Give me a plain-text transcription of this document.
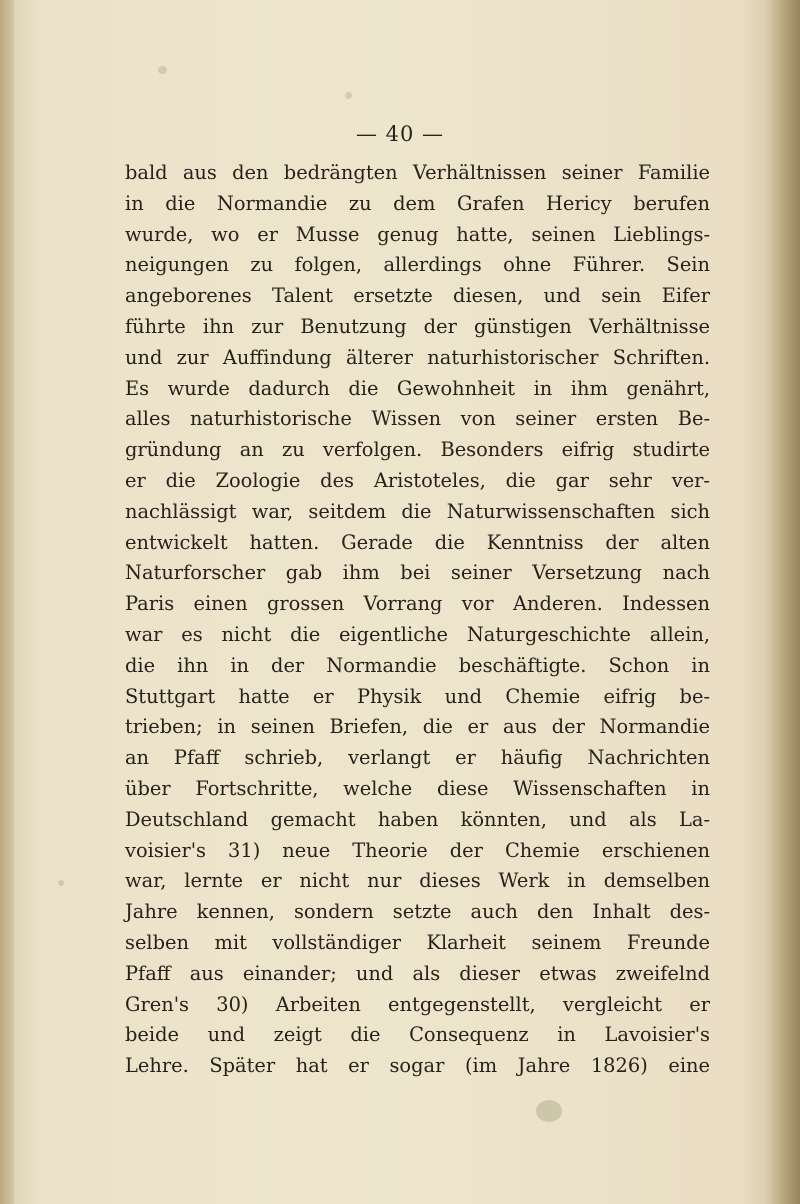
— 40 —
bald aus den bedrängten Verhältnissen seiner Familie
in die Normandie zu dem Grafen Hericy berufen
wurde, wo er Musse genug hatte, seinen Lieblings-
neigungen zu folgen, allerdings ohne Führer. Sein
angeborenes Talent ersetzte diesen, und sein Eifer
führte ihn zur Benutzung der günstigen Verhältnisse
und zur Auffindung älterer naturhistorischer Schriften.
Es wurde dadurch die Gewohnheit in ihm genährt,
alles naturhistorische Wissen von seiner ersten Be-
gründung an zu verfolgen. Besonders eifrig studirte
er die Zoologie des Aristoteles, die gar sehr ver-
nachlässigt war, seitdem die Naturwissenschaften sich
entwickelt hatten. Gerade die Kenntniss der alten
Naturforscher gab ihm bei seiner Versetzung nach
Paris einen grossen Vorrang vor Anderen. Indessen
war es nicht die eigentliche Naturgeschichte allein,
die ihn in der Normandie beschäftigte. Schon in
Stuttgart hatte er Physik und Chemie eifrig be-
trieben; in seinen Briefen, die er aus der Normandie
an Pfaff schrieb, verlangt er häufig Nachrichten
über Fortschritte, welche diese Wissenschaften in
Deutschland gemacht haben könnten, und als La-
voisier's 31) neue Theorie der Chemie erschienen
war, lernte er nicht nur dieses Werk in demselben
Jahre kennen, sondern setzte auch den Inhalt des-
selben mit vollständiger Klarheit seinem Freunde
Pfaff aus einander; und als dieser etwas zweifelnd
Gren's 30) Arbeiten entgegenstellt, vergleicht er
beide und zeigt die Consequenz in Lavoisier's
Lehre. Später hat er sogar (im Jahre 1826) eine
